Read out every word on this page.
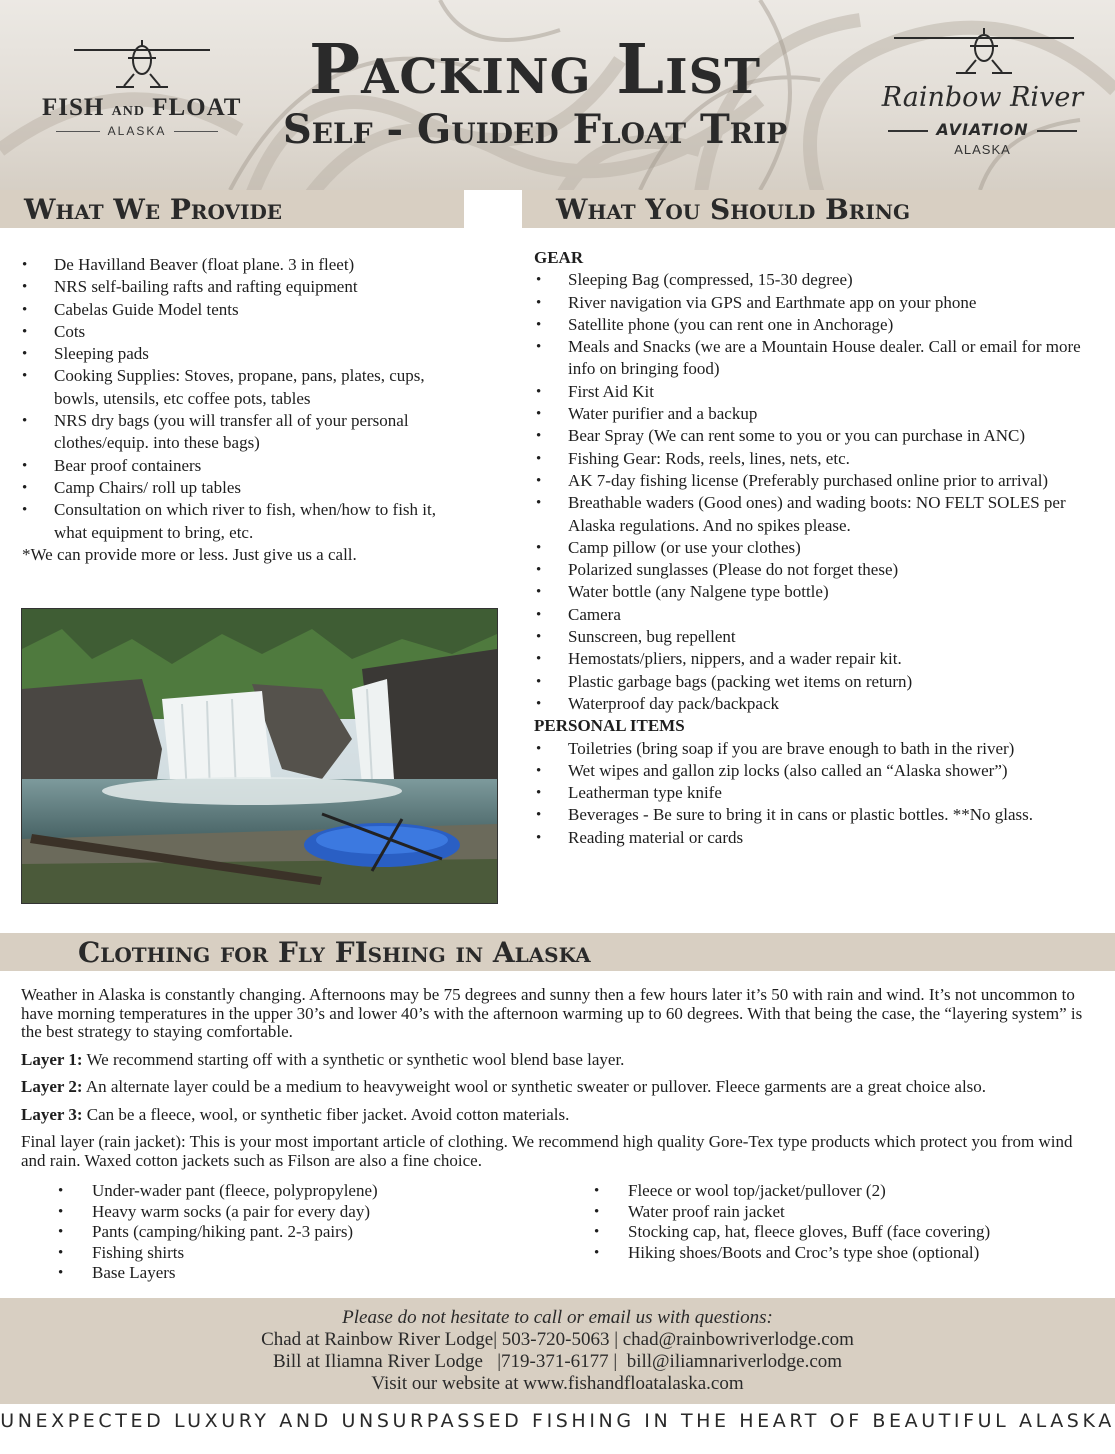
FISH AND FLOAT
ALASKA
Packing List
Self - Guided Float Trip
Rainbow River
AVIATION
ALASKA
What We Provide	What You Should Bring
• De Havilland Beaver (float plane. 3 in fleet)
• NRS self-bailing rafts and rafting equipment
• Cabelas Guide Model tents
• Cots
• Sleeping pads
• Cooking Supplies: Stoves, propane, pans, plates, cups, bowls, utensils, etc coffee pots, tables
• NRS dry bags (you will transfer all of your personal clothes/equip. into these bags)
• Bear proof containers
• Camp Chairs/ roll up tables
• Consultation on which river to fish, when/how to fish it, what equipment to bring, etc.
*We can provide more or less. Just give us a call.
GEAR
• Sleeping Bag (compressed, 15-30 degree)
• River navigation via GPS and Earthmate app on your phone
• Satellite phone (you can rent one in Anchorage)
• Meals and Snacks (we are a Mountain House dealer. Call or email for more info on bringing food)
• First Aid Kit
• Water purifier and a backup
• Bear Spray (We can rent some to you or you can purchase in ANC)
• Fishing Gear: Rods, reels, lines, nets, etc.
• AK 7-day fishing license (Preferably purchased online prior to arrival)
• Breathable waders (Good ones) and wading boots: NO FELT SOLES per Alaska regulations. And no spikes please.
• Camp pillow (or use your clothes)
• Polarized sunglasses (Please do not forget these)
• Water bottle (any Nalgene type bottle)
• Camera
• Sunscreen, bug repellent
• Hemostats/pliers, nippers, and a wader repair kit.
• Plastic garbage bags (packing wet items on return)
• Waterproof day pack/backpack
PERSONAL ITEMS
• Toiletries (bring soap if you are brave enough to bath in the river)
• Wet wipes and gallon zip locks (also called an “Alaska shower”)
• Leatherman type knife
• Beverages - Be sure to bring it in cans or plastic bottles. **No glass.
• Reading material or cards
Clothing for Fly FIshing in Alaska

Weather in Alaska is constantly changing. Afternoons may be 75 degrees and sunny then a few hours later it’s 50 with rain and wind. It’s not uncommon to have morning temperatures in the upper 30’s and lower 40’s with the afternoon warming up to 60 degrees. With that being the case, the “layering system” is the best strategy to staying comfortable.

Layer 1: We recommend starting off with a synthetic or synthetic wool blend base layer.

Layer 2: An alternate layer could be a medium to heavyweight wool or synthetic sweater or pullover. Fleece garments are a great choice also.

Layer 3: Can be a fleece, wool, or synthetic fiber jacket. Avoid cotton materials.

Final layer (rain jacket): This is your most important article of clothing. We recommend high quality Gore-Tex type products which protect you from wind and rain. Waxed cotton jackets such as Filson are also a fine choice.

• Under-wader pant (fleece, polypropylene)
• Heavy warm socks (a pair for every day)
• Pants (camping/hiking pant. 2-3 pairs)
• Fishing shirts
• Base Layers
• Fleece or wool top/jacket/pullover (2)
• Water proof rain jacket
• Stocking cap, hat, fleece gloves, Buff (face covering)
• Hiking shoes/Boots and Croc’s type shoe (optional)
Please do not hesitate to call or email us with questions:
Chad at Rainbow River Lodge| 503-720-5063 | chad@rainbowriverlodge.com
Bill at Iliamna River Lodge   |719-371-6177 |  bill@iliamnariverlodge.com
Visit our website at www.fishandfloatalaska.com
UNEXPECTED LUXURY AND UNSURPASSED FISHING IN THE HEART OF BEAUTIFUL ALASKA
